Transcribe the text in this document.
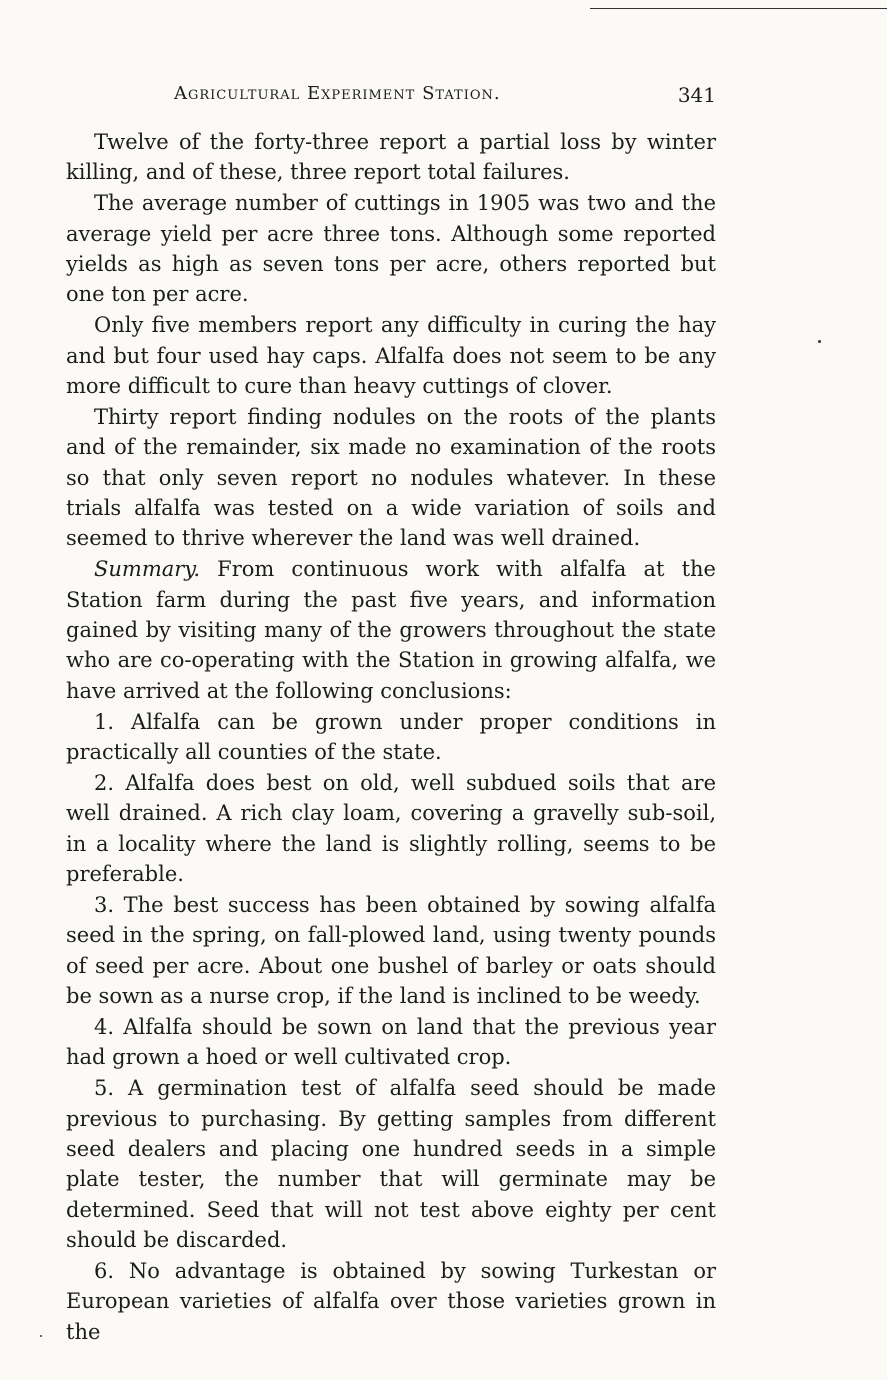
Agricultural Experiment Station.	341

Twelve of the forty-three report a partial loss by winter killing, and of these, three report total failures.

The average number of cuttings in 1905 was two and the average yield per acre three tons. Although some reported yields as high as seven tons per acre, others reported but one ton per acre.

Only five members report any difficulty in curing the hay and but four used hay caps. Alfalfa does not seem to be any more difficult to cure than heavy cuttings of clover.

Thirty report finding nodules on the roots of the plants and of the remainder, six made no examination of the roots so that only seven report no nodules whatever. In these trials alfalfa was tested on a wide variation of soils and seemed to thrive wherever the land was well drained.

Summary. From continuous work with alfalfa at the Station farm during the past five years, and information gained by visiting many of the growers throughout the state who are co-operating with the Station in growing alfalfa, we have arrived at the following conclusions:

1. Alfalfa can be grown under proper conditions in practically all counties of the state.

2. Alfalfa does best on old, well subdued soils that are well drained. A rich clay loam, covering a gravelly sub-soil, in a locality where the land is slightly rolling, seems to be preferable.

3. The best success has been obtained by sowing alfalfa seed in the spring, on fall-plowed land, using twenty pounds of seed per acre. About one bushel of barley or oats should be sown as a nurse crop, if the land is inclined to be weedy.

4. Alfalfa should be sown on land that the previous year had grown a hoed or well cultivated crop.

5. A germination test of alfalfa seed should be made previous to purchasing. By getting samples from different seed dealers and placing one hundred seeds in a simple plate tester, the number that will germinate may be determined. Seed that will not test above eighty per cent should be discarded.

6. No advantage is obtained by sowing Turkestan or European varieties of alfalfa over those varieties grown in the
